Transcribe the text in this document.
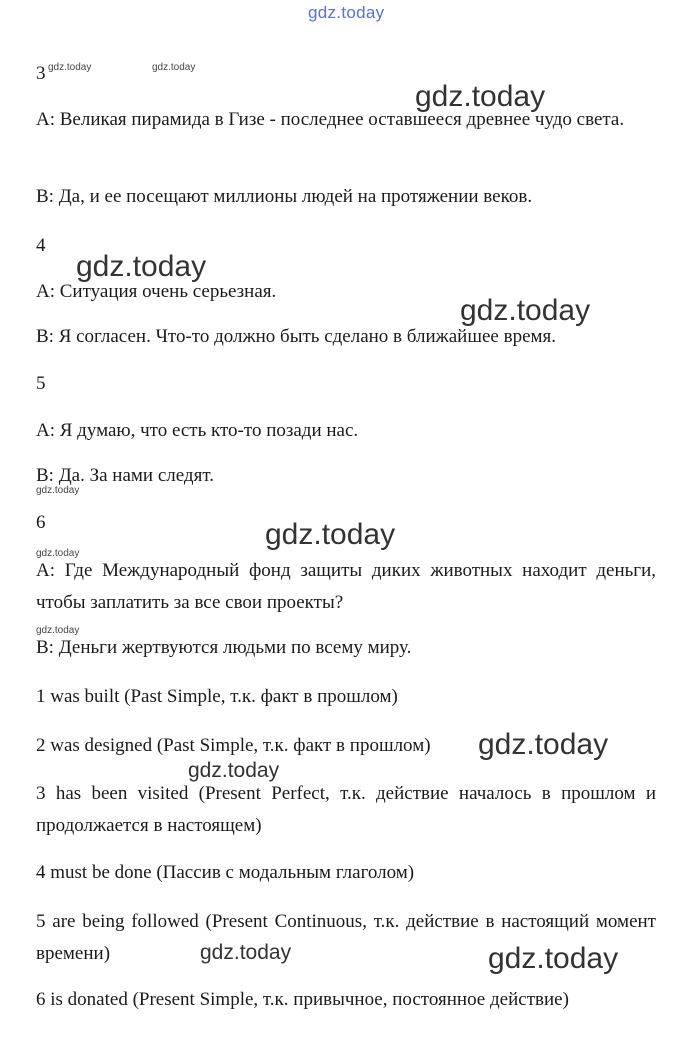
gdz.today
3 gdz.today	gdz.today
gdz.today
A: Великая пирамида в Гизе - последнее оставшееся древнее чудо света.
B: Да, и ее посещают миллионы людей на протяжении веков.
4
gdz.today
A: Ситуация очень серьезная.
gdz.today
B: Я согласен. Что-то должно быть сделано в ближайшее время.
5
A: Я думаю, что есть кто-то позади нас.
B: Да. За нами следят.
gdz.today
6	gdz.today
gdz.today
A: Где Международный фонд защиты диких животных находит деньги, чтобы заплатить за все свои проекты?
gdz.today
B: Деньги жертвуются людьми по всему миру.
1 was built (Past Simple, т.к. факт в прошлом)
2 was designed (Past Simple, т.к. факт в прошлом)	gdz.today
gdz.today
3 has been visited (Present Perfect, т.к. действие началось в прошлом и продолжается в настоящем)
4 must be done (Пассив с модальным глаголом)
5 are being followed (Present Continuous, т.к. действие в настоящий момент времени)	gdz.today	gdz.today
6 is donated (Present Simple, т.к. привычное, постоянное действие)
